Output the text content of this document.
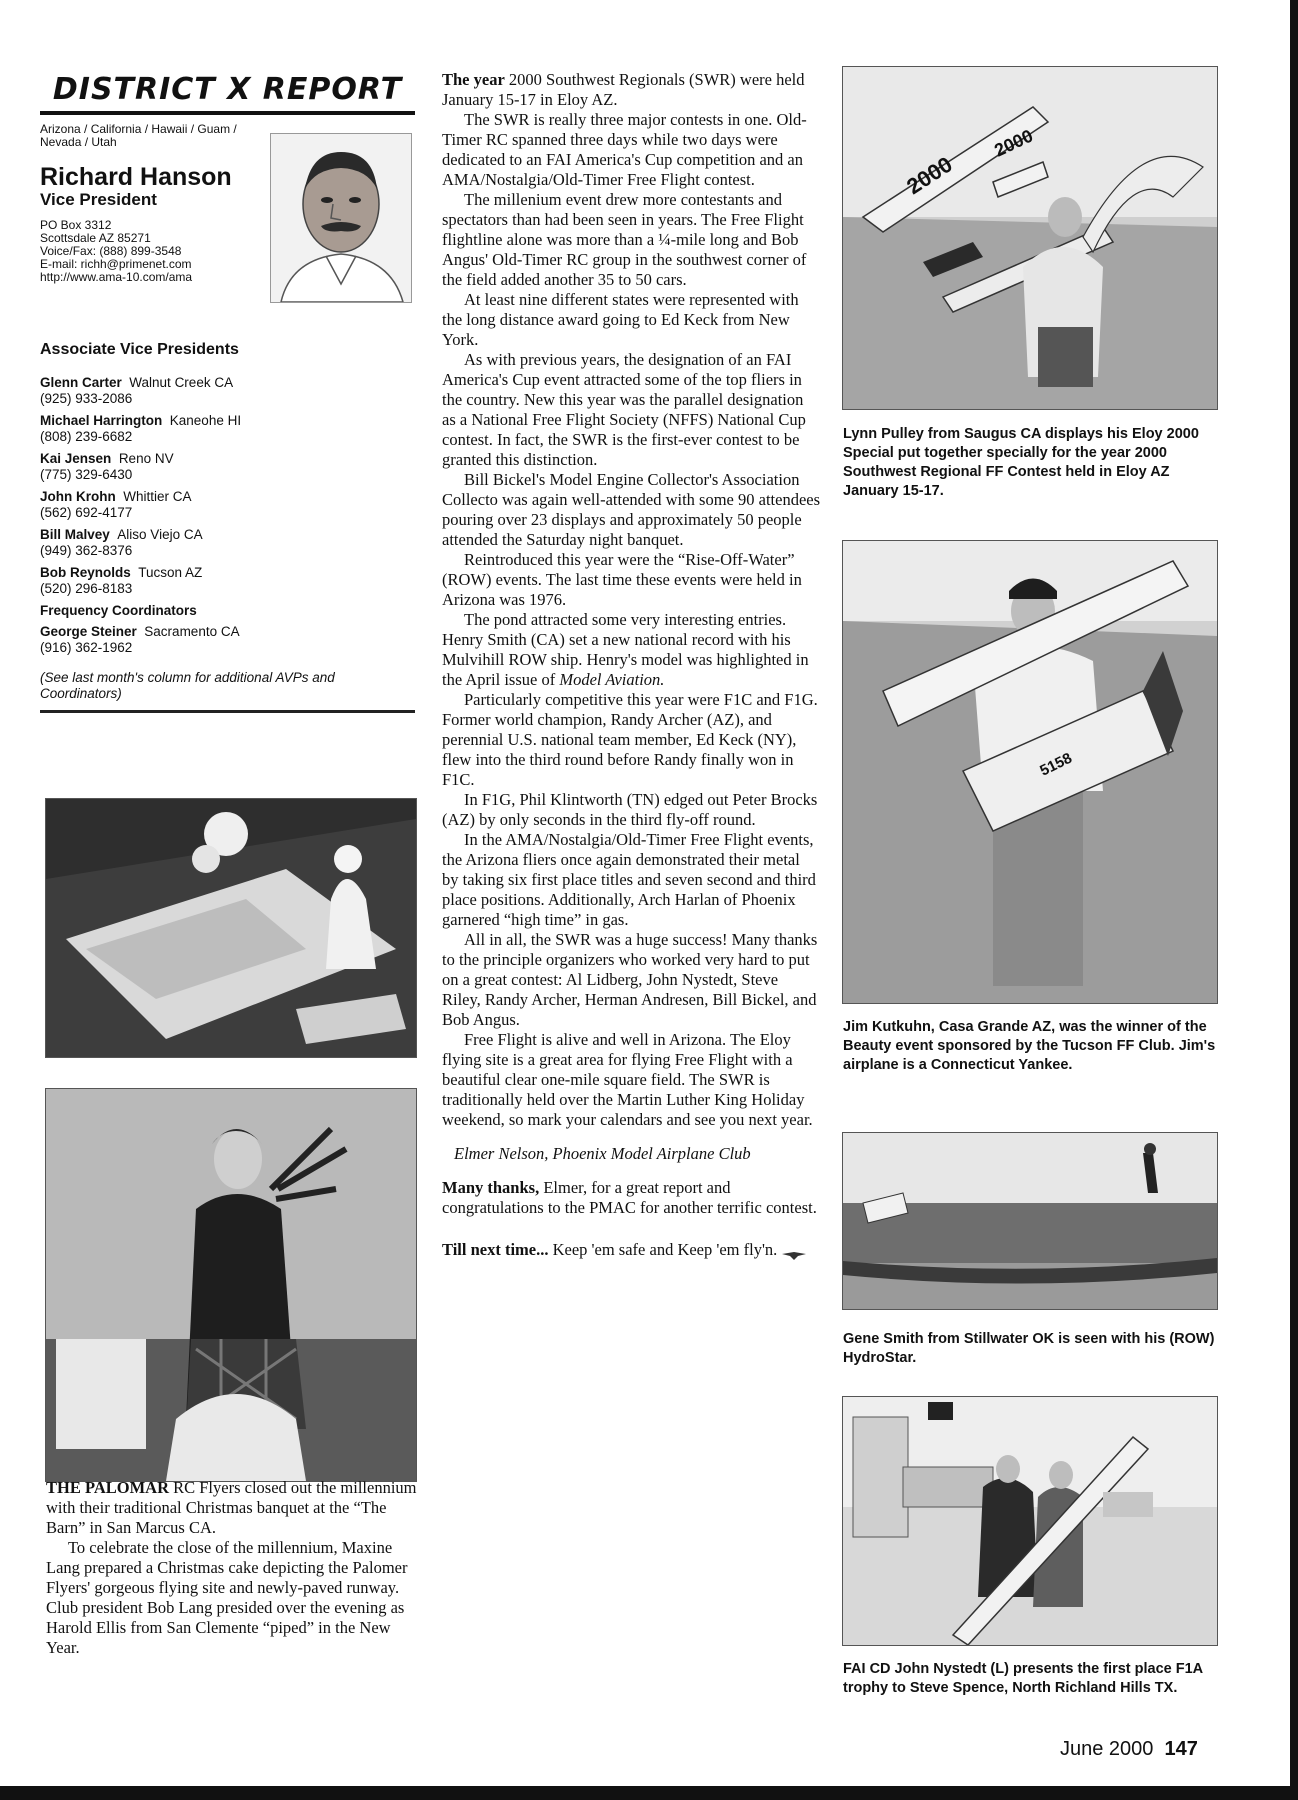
DISTRICT X REPORT
Arizona / California / Hawaii / Guam / Nevada / Utah
Richard Hanson
Vice President
PO Box 3312
Scottsdale AZ 85271
Voice/Fax: (888) 899-3548
E-mail: richh@primenet.com
http://www.ama-10.com/ama
Associate Vice Presidents
Glenn Carter Walnut Creek CA
(925) 933-2086
Michael Harrington Kaneohe HI
(808) 239-6682
Kai Jensen Reno NV
(775) 329-6430
John Krohn Whittier CA
(562) 692-4177
Bill Malvey Aliso Viejo CA
(949) 362-8376
Bob Reynolds Tucson AZ
(520) 296-8183
Frequency Coordinators
George Steiner Sacramento CA
(916) 362-1962
(See last month's column for additional AVPs and Coordinators)

THE PALOMAR RC Flyers closed out the millennium with their traditional Christmas banquet at the “The Barn” in San Marcus CA.

To celebrate the close of the millennium, Maxine Lang prepared a Christmas cake depicting the Palomer Flyers' gorgeous flying site and newly-paved runway. Club president Bob Lang presided over the evening as Harold Ellis from San Clemente “piped” in the New Year.

The year 2000 Southwest Regionals (SWR) were held January 15-17 in Eloy AZ.

The SWR is really three major contests in one. Old-Timer RC spanned three days while two days were dedicated to an FAI America's Cup competition and an AMA/Nostalgia/Old-Timer Free Flight contest.

The millenium event drew more contestants and spectators than had been seen in years. The Free Flight flightline alone was more than a ¼-mile long and Bob Angus' Old-Timer RC group in the southwest corner of the field added another 35 to 50 cars.

At least nine different states were represented with the long distance award going to Ed Keck from New York.

As with previous years, the designation of an FAI America's Cup event attracted some of the top fliers in the country. New this year was the parallel designation as a National Free Flight Society (NFFS) National Cup contest. In fact, the SWR is the first-ever contest to be granted this distinction.

Bill Bickel's Model Engine Collector's Association Collecto was again well-attended with some 90 attendees pouring over 23 displays and approximately 50 people attended the Saturday night banquet.

Reintroduced this year were the “Rise-Off-Water” (ROW) events. The last time these events were held in Arizona was 1976.

The pond attracted some very interesting entries. Henry Smith (CA) set a new national record with his Mulvihill ROW ship. Henry's model was highlighted in the April issue of Model Aviation.

Particularly competitive this year were F1C and F1G. Former world champion, Randy Archer (AZ), and perennial U.S. national team member, Ed Keck (NY), flew into the third round before Randy finally won in F1C.

In F1G, Phil Klintworth (TN) edged out Peter Brocks (AZ) by only seconds in the third fly-off round.

In the AMA/Nostalgia/Old-Timer Free Flight events, the Arizona fliers once again demonstrated their metal by taking six first place titles and seven second and third place positions. Additionally, Arch Harlan of Phoenix garnered “high time” in gas.

All in all, the SWR was a huge success! Many thanks to the principle organizers who worked very hard to put on a great contest: Al Lidberg, John Nystedt, Steve Riley, Randy Archer, Herman Andresen, Bill Bickel, and Bob Angus.

Free Flight is alive and well in Arizona. The Eloy flying site is a great area for flying Free Flight with a beautiful clear one-mile square field. The SWR is traditionally held over the Martin Luther King Holiday weekend, so mark your calendars and see you next year.

Elmer Nelson, Phoenix Model Airplane Club

Many thanks, Elmer, for a great report and congratulations to the PMAC for another terrific contest.

Till next time... Keep 'em safe and Keep 'em fly'n.

2000
2000
Lynn Pulley from Saugus CA displays his Eloy 2000 Special put together specially for the year 2000 Southwest Regional FF Contest held in Eloy AZ January 15-17.
5158
Jim Kutkuhn, Casa Grande AZ, was the winner of the Beauty event sponsored by the Tucson FF Club. Jim's airplane is a Connecticut Yankee.
Gene Smith from Stillwater OK is seen with his (ROW) HydroStar.
FAI CD John Nystedt (L) presents the first place F1A trophy to Steve Spence, North Richland Hills TX.
June 2000 147
